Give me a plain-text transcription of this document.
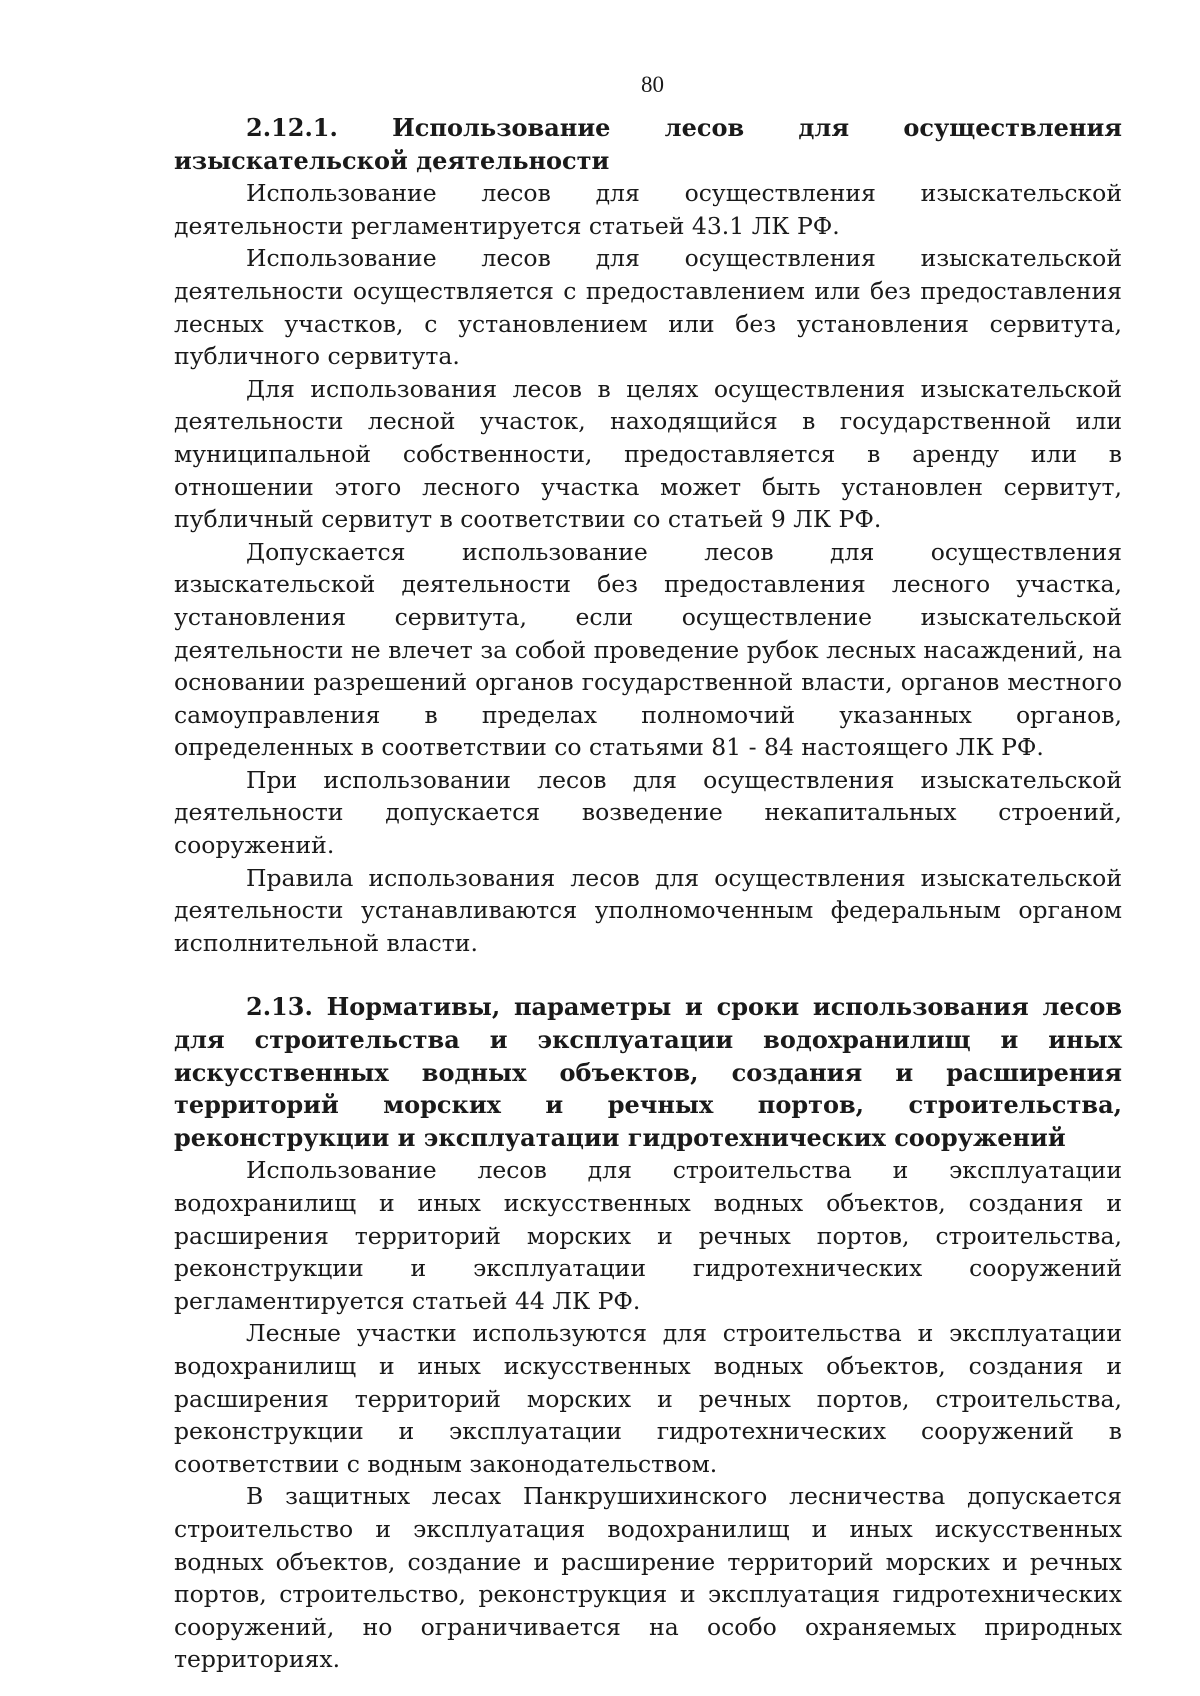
80

2.12.1. Использование лесов для осуществления изыскательской деятельности

Использование лесов для осуществления изыскательской деятельности регламентируется статьей 43.1 ЛК РФ.

Использование лесов для осуществления изыскательской деятельности осуществляется с предоставлением или без предоставления лесных участков, с установлением или без установления сервитута, публичного сервитута.

Для использования лесов в целях осуществления изыскательской деятельности лесной участок, находящийся в государственной или муниципальной собственности, предоставляется в аренду или в отношении этого лесного участка может быть установлен сервитут, публичный сервитут в соответствии со статьей 9 ЛК РФ.

Допускается использование лесов для осуществления изыскательской деятельности без предоставления лесного участка, установления сервитута, если осуществление изыскательской деятельности не влечет за собой проведение рубок лесных насаждений, на основании разрешений органов государственной власти, органов местного самоуправления в пределах полномочий указанных органов, определенных в соответствии со статьями 81 - 84 настоящего ЛК РФ.

При использовании лесов для осуществления изыскательской деятельности допускается возведение некапитальных строений, сооружений.

Правила использования лесов для осуществления изыскательской деятельности устанавливаются уполномоченным федеральным органом исполнительной власти.

2.13. Нормативы, параметры и сроки использования лесов для строительства и эксплуатации водохранилищ и иных искусственных водных объектов, создания и расширения территорий морских и речных портов, строительства, реконструкции и эксплуатации гидротехнических сооружений

Использование лесов для строительства и эксплуатации водохранилищ и иных искусственных водных объектов, создания и расширения территорий морских и речных портов, строительства, реконструкции и эксплуатации гидротехнических сооружений регламентируется статьей 44 ЛК РФ.

Лесные участки используются для строительства и эксплуатации водохранилищ и иных искусственных водных объектов, создания и расширения территорий морских и речных портов, строительства, реконструкции и эксплуатации гидротехнических сооружений в соответствии с водным законодательством.

В защитных лесах Панкрушихинского лесничества допускается строительство и эксплуатация водохранилищ и иных искусственных водных объектов, создание и расширение территорий морских и речных портов, строительство, реконструкция и эксплуатация гидротехнических сооружений, но ограничивается на особо охраняемых природных территориях.
